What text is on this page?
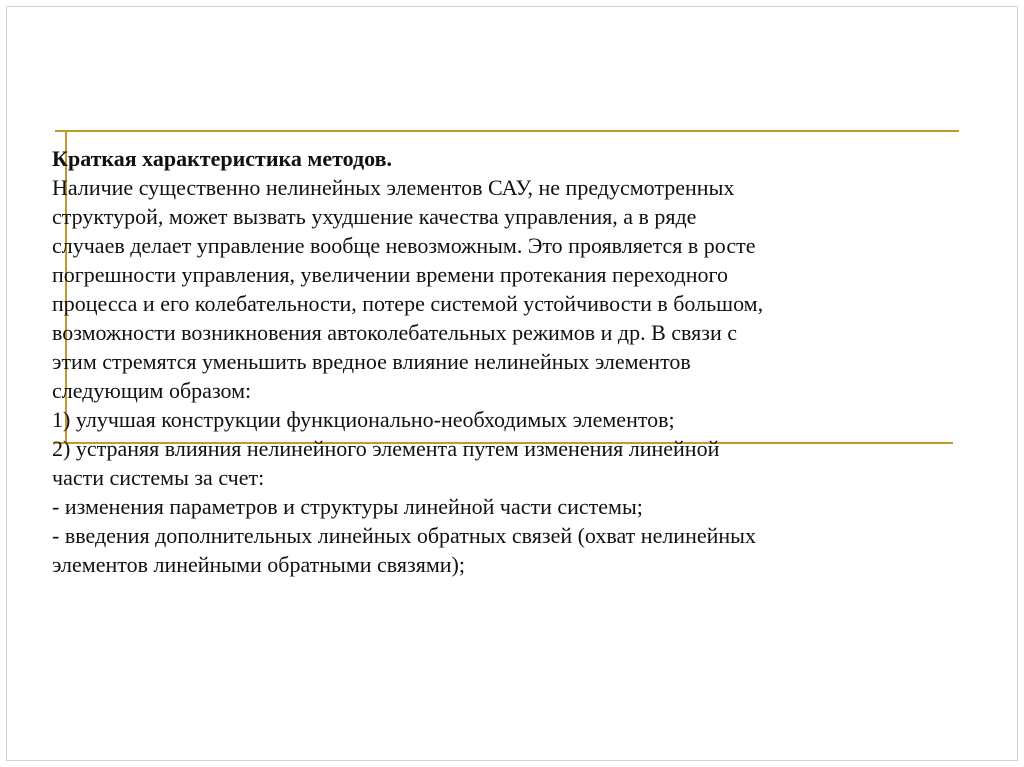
Краткая характеристика методов.
Наличие существенно нелинейных элементов САУ, не предусмотренных
структурой, может вызвать ухудшение качества управления, а в ряде
случаев делает управление вообще невозможным. Это проявляется в росте
погрешности управления, увеличении времени протекания переходного
процесса и его колебательности, потере системой устойчивости в большом,
возможности возникновения автоколебательных режимов и др. В связи с
этим стремятся уменьшить вредное влияние нелинейных элементов
следующим образом:
1) улучшая конструкции функционально-необходимых элементов;
2) устраняя влияния нелинейного элемента путем изменения линейной
части системы за счет:
- изменения параметров и структуры линейной части системы;
- введения дополнительных линейных обратных связей (охват нелинейных
элементов линейными обратными связями);
